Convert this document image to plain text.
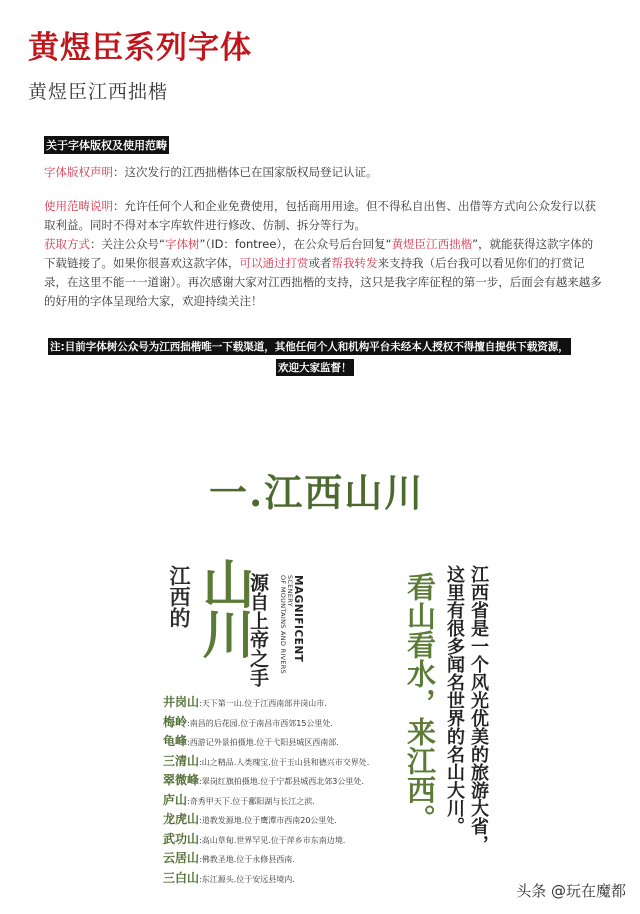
黄煜臣系列字体
黄煜臣江西拙楷
关于字体版权及使用范畴
字体版权声明：这次发行的江西拙楷体已在国家版权局登记认证。
使用范畴说明：允许任何个人和企业免费使用，包括商用用途。但不得私自出售、出借等方式向公众发行以获取利益。同时不得对本字库软件进行修改、仿制、拆分等行为。
获取方式：关注公众号“字体树”（ID：fontree），在公众号后台回复“黄煜臣江西拙楷”，就能获得这款字体的下载链接了。如果你很喜欢这款字体，可以通过打赏或者帮我转发来支持我（后台我可以看见你们的打赏记录，在这里不能一一道谢）。再次感谢大家对江西拙楷的支持，这只是我字库征程的第一步，后面会有越来越多的好用的字体呈现给大家，欢迎持续关注！
注:目前字体树公众号为江西拙楷唯一下载渠道，其他任何个人和机构平台未经本人授权不得擅自提供下载资源，
欢迎大家监督！
一.江西山川
江西的 山川
源自上帝之手 MAGNIFICENT
SCENERY
OF MOUNTAINS AND RIVERS
井岗山:天下第一山.位于江西南部井岗山市.
梅岭:南昌的后花园.位于南昌市西郊15公里处.
龟峰:西游记外景拍摄地.位于弋阳县城区西南部.
三清山:山之精品.人类瑰宝.位于玉山县和德兴市交界处.
翠微峰:翠岗红旗拍摄地.位于宁都县城西北郊3公里处.
庐山:奇秀甲天下.位于鄱阳湖与长江之滨.
龙虎山:道教发源地.位于鹰潭市西南20公里处.
武功山:高山草甸.世界罕见.位于萍乡市东南边境.
云居山:佛教圣地.位于永修县西南.
三白山:东江源头.位于安远县境内.
看山看水，来江西。 这里有很多闻名世界的名山大川。 江西省是一个风光优美的旅游大省，
头条 @玩在魔都
